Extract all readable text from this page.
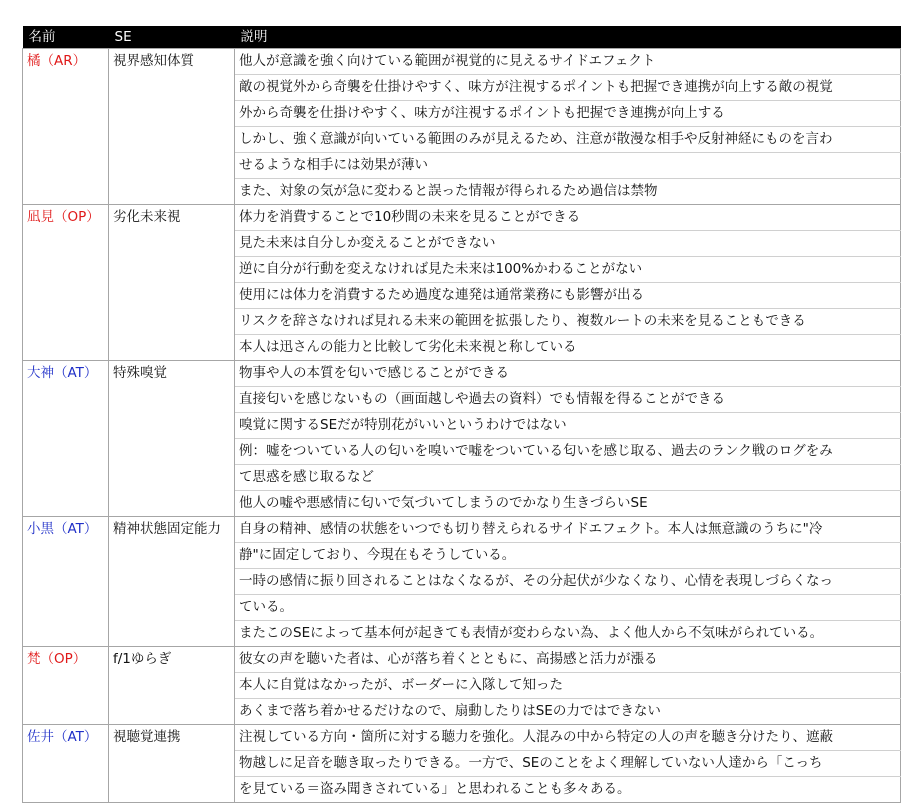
名前	SE	説明
橘（AR）	視界感知体質	他人が意識を強く向けている範囲が視覚的に見えるサイドエフェクト
		敵の視覚外から奇襲を仕掛けやすく、味方が注視するポイントも把握でき連携が向上する敵の視覚
		外から奇襲を仕掛けやすく、味方が注視するポイントも把握でき連携が向上する
		しかし、強く意識が向いている範囲のみが見えるため、注意が散漫な相手や反射神経にものを言わ
		せるような相手には効果が薄い
		また、対象の気が急に変わると誤った情報が得られるため過信は禁物
凪見（OP）	劣化未来視	体力を消費することで10秒間の未来を見ることができる
		見た未来は自分しか変えることができない
		逆に自分が行動を変えなければ見た未来は100%かわることがない
		使用には体力を消費するため過度な連発は通常業務にも影響が出る
		リスクを辞さなければ見れる未来の範囲を拡張したり、複数ルートの未来を見ることもできる
		本人は迅さんの能力と比較して劣化未来視と称している
大神（AT）	特殊嗅覚	物事や人の本質を匂いで感じることができる
		直接匂いを感じないもの（画面越しや過去の資料）でも情報を得ることができる
		嗅覚に関するSEだが特別花がいいというわけではない
		例：嘘をついている人の匂いを嗅いで嘘をついている匂いを感じ取る、過去のランク戦のログをみ
		て思惑を感じ取るなど
		他人の嘘や悪感情に匂いで気づいてしまうのでかなり生きづらいSE
小黒（AT）	精神状態固定能力	自身の精神、感情の状態をいつでも切り替えられるサイドエフェクト。本人は無意識のうちに"冷
		静"に固定しており、今現在もそうしている。
		一時の感情に振り回されることはなくなるが、その分起伏が少なくなり、心情を表現しづらくなっ
		ている。
		またこのSEによって基本何が起きても表情が変わらない為、よく他人から不気味がられている。
梵（OP）	f/1ゆらぎ	彼女の声を聴いた者は、心が落ち着くとともに、高揚感と活力が漲る
		本人に自覚はなかったが、ボーダーに入隊して知った
		あくまで落ち着かせるだけなので、扇動したりはSEの力ではできない
佐井（AT）	視聴覚連携	注視している方向・箇所に対する聴力を強化。人混みの中から特定の人の声を聴き分けたり、遮蔽
		物越しに足音を聴き取ったりできる。一方で、SEのことをよく理解していない人達から「こっち
		を見ている＝盗み聞きされている」と思われることも多々ある。
